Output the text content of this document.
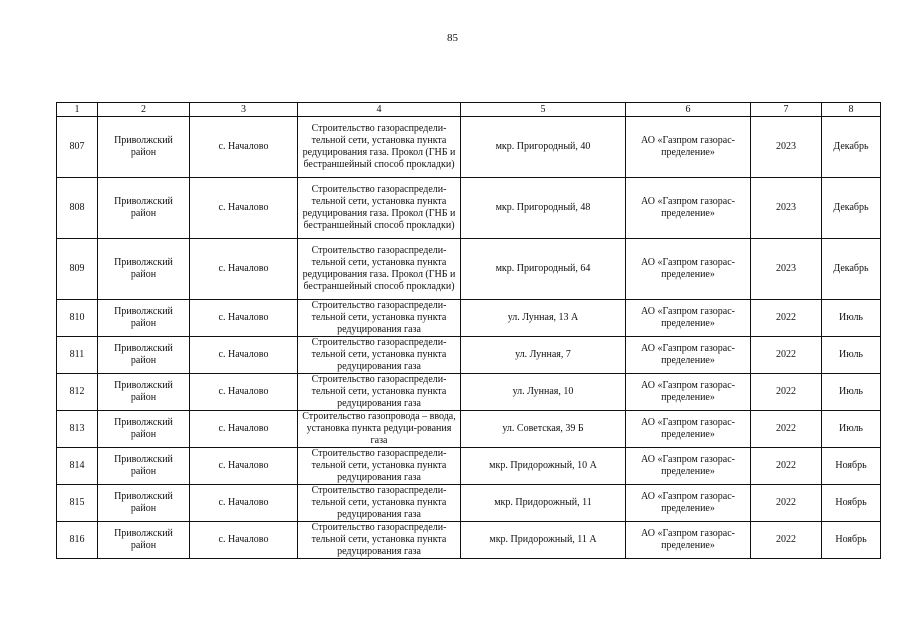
85
1	2	3	4	5	6	7	8
807	Приволжский район	с. Началово	Строительство газораспредели-тельной сети, установка пункта редуцирования газа. Прокол (ГНБ и бестраншейный способ прокладки)	мкр. Пригородный, 40	АО «Газпром газорас-пределение»	2023	Декабрь
808	Приволжский район	с. Началово	Строительство газораспредели-тельной сети, установка пункта редуцирования газа. Прокол (ГНБ и бестраншейный способ прокладки)	мкр. Пригородный, 48	АО «Газпром газорас-пределение»	2023	Декабрь
809	Приволжский район	с. Началово	Строительство газораспредели-тельной сети, установка пункта редуцирования газа. Прокол (ГНБ и бестраншейный способ прокладки)	мкр. Пригородный, 64	АО «Газпром газорас-пределение»	2023	Декабрь
810	Приволжский район	с. Началово	Строительство газораспредели-тельной сети, установка пункта редуцирования газа	ул. Лунная, 13 А	АО «Газпром газорас-пределение»	2022	Июль
811	Приволжский район	с. Началово	Строительство газораспредели-тельной сети, установка пункта редуцирования газа	ул. Лунная, 7	АО «Газпром газорас-пределение»	2022	Июль
812	Приволжский район	с. Началово	Строительство газораспредели-тельной сети, установка пункта редуцирования газа	ул. Лунная, 10	АО «Газпром газорас-пределение»	2022	Июль
813	Приволжский район	с. Началово	Строительство газопровода – ввода, установка пункта редуци-рования газа	ул. Советская, 39 Б	АО «Газпром газорас-пределение»	2022	Июль
814	Приволжский район	с. Началово	Строительство газораспредели-тельной сети, установка пункта редуцирования газа	мкр. Придорожный, 10 А	АО «Газпром газорас-пределение»	2022	Ноябрь
815	Приволжский район	с. Началово	Строительство газораспредели-тельной сети, установка пункта редуцирования газа	мкр. Придорожный, 11	АО «Газпром газорас-пределение»	2022	Ноябрь
816	Приволжский район	с. Началово	Строительство газораспредели-тельной сети, установка пункта редуцирования газа	мкр. Придорожный, 11 А	АО «Газпром газорас-пределение»	2022	Ноябрь
